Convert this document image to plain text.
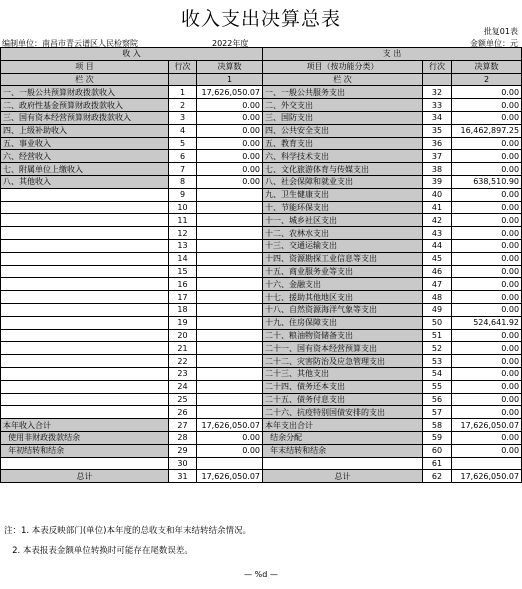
收入支出决算总表
批复01表
编制单位：南昌市青云谱区人民检察院	2022年度	金额单位：元
收 入			支 出		
项 目	行次	决算数	项目（按功能分类）	行次	决算数
栏 次		1	栏 次		2
一、一般公共预算财政拨款收入	1	17,626,050.07	一、一般公共服务支出	32	0.00
二、政府性基金预算财政拨款收入	2	0.00	二、外交支出	33	0.00
三、国有资本经营预算财政拨款收入	3	0.00	三、国防支出	34	0.00
四、上级补助收入	4	0.00	四、公共安全支出	35	16,462,897.25
五、事业收入	5	0.00	五、教育支出	36	0.00
六、经营收入	6	0.00	六、科学技术支出	37	0.00
七、附属单位上缴收入	7	0.00	七、文化旅游体育与传媒支出	38	0.00
八、其他收入	8	0.00	八、社会保障和就业支出	39	638,510.90
	9		九、卫生健康支出	40	0.00
	10		十、节能环保支出	41	0.00
	11		十一、城乡社区支出	42	0.00
	12		十二、农林水支出	43	0.00
	13		十三、交通运输支出	44	0.00
	14		十四、资源勘探工业信息等支出	45	0.00
	15		十五、商业服务业等支出	46	0.00
	16		十六、金融支出	47	0.00
	17		十七、援助其他地区支出	48	0.00
	18		十八、自然资源海洋气象等支出	49	0.00
	19		十九、住房保障支出	50	524,641.92
	20		二十、粮油物资储备支出	51	0.00
	21		二十一、国有资本经营预算支出	52	0.00
	22		二十二、灾害防治及应急管理支出	53	0.00
	23		二十三、其他支出	54	0.00
	24		二十四、债务还本支出	55	0.00
	25		二十五、债务付息支出	56	0.00
	26		二十六、抗疫特别国债安排的支出	57	0.00
本年收入合计	27	17,626,050.07	本年支出合计	58	17,626,050.07
使用非财政拨款结余	28	0.00	结余分配	59	0.00
年初结转和结余	29	0.00	年末结转和结余	60	0.00
	30			61	
总计	31	17,626,050.07	总计	62	17,626,050.07
注：1. 本表反映部门(单位)本年度的总收支和年末结转结余情况。
2. 本表报表金额单位转换时可能存在尾数误差。
— %d —
